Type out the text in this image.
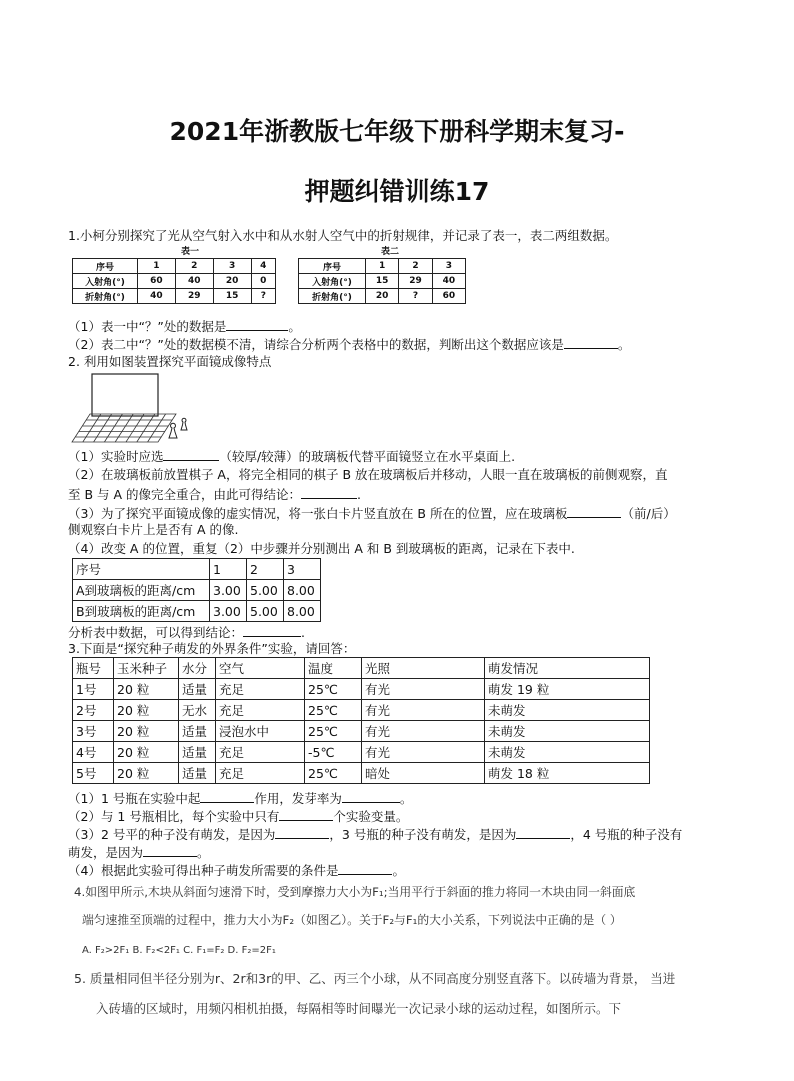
2021年浙教版七年级下册科学期末复习-
押题纠错训练17
1.小柯分别探究了光从空气射入水中和从水射人空气中的折射规律，并记录了表一，表二两组数据。
表一
序号	1	2	3	4
入射角(°)	60	40	20	0
折射角(°)	40	29	15	?
表二
序号	1	2	3
入射角(°)	15	29	40
折射角(°)	20	?	60
（1）表一中“？”处的数据是	。
（2）表二中“？”处的数据模不清，请综合分析两个表格中的数据，判断出这个数据应该是	。
2. 利用如图装置探究平面镜成像特点
（1）实验时应选	（较厚/较薄）的玻璃板代替平面镜竖立在水平桌面上.
（2）在玻璃板前放置棋子 A，将完全相同的棋子 B 放在玻璃板后并移动，人眼一直在玻璃板的前侧观察，直
至 B 与 A 的像完全重合，由此可得结论：	.
（3）为了探究平面镜成像的虚实情况，将一张白卡片竖直放在 B 所在的位置，应在玻璃板	（前/后）
侧观察白卡片上是否有 A 的像.
（4）改变 A 的位置，重复（2）中步骤并分别测出 A 和 B 到玻璃板的距离，记录在下表中.
序号	1	2	3
A到玻璃板的距离/cm	3.00	5.00	8.00
B到玻璃板的距离/cm	3.00	5.00	8.00
分析表中数据，可以得到结论：	.
3.下面是“探究种子萌发的外界条件”实验，请回答：
瓶号	玉米种子	水分	空气	温度	光照	萌发情况
1号	20 粒	适量	充足	25℃	有光	萌发 19 粒
2号	20 粒	无水	充足	25℃	有光	未萌发
3号	20 粒	适量	浸泡水中	25℃	有光	未萌发
4号	20 粒	适量	充足	-5℃	有光	未萌发
5号	20 粒	适量	充足	25℃	暗处	萌发 18 粒
（1）1 号瓶在实验中起	作用，发芽率为	。
（2）与 1 号瓶相比，每个实验中只有	个实验变量。
（3）2 号平的种子没有萌发，是因为	，3 号瓶的种子没有萌发，是因为	，4 号瓶的种子没有
萌发，是因为	。
（4）根据此实验可得出种子萌发所需要的条件是	。
4.如图甲所示,木块从斜面匀速滑下时，受到摩擦力大小为F₁;当用平行于斜面的推力将同一木块由同一斜面底
端匀速推至顶端的过程中，推力大小为F₂（如图乙）。关于F₂与F₁的大小关系，下列说法中正确的是（ ）
A. F₂>2F₁ B. F₂<2F₁ C. F₁=F₂ D. F₂=2F₁
5. 质量相同但半径分别为r、2r和3r的甲、乙、丙三个小球，从不同高度分别竖直落下。以砖墙为背景， 当进
入砖墙的区域时，用频闪相机拍摄，每隔相等时间曝光一次记录小球的运动过程，如图所示。下
